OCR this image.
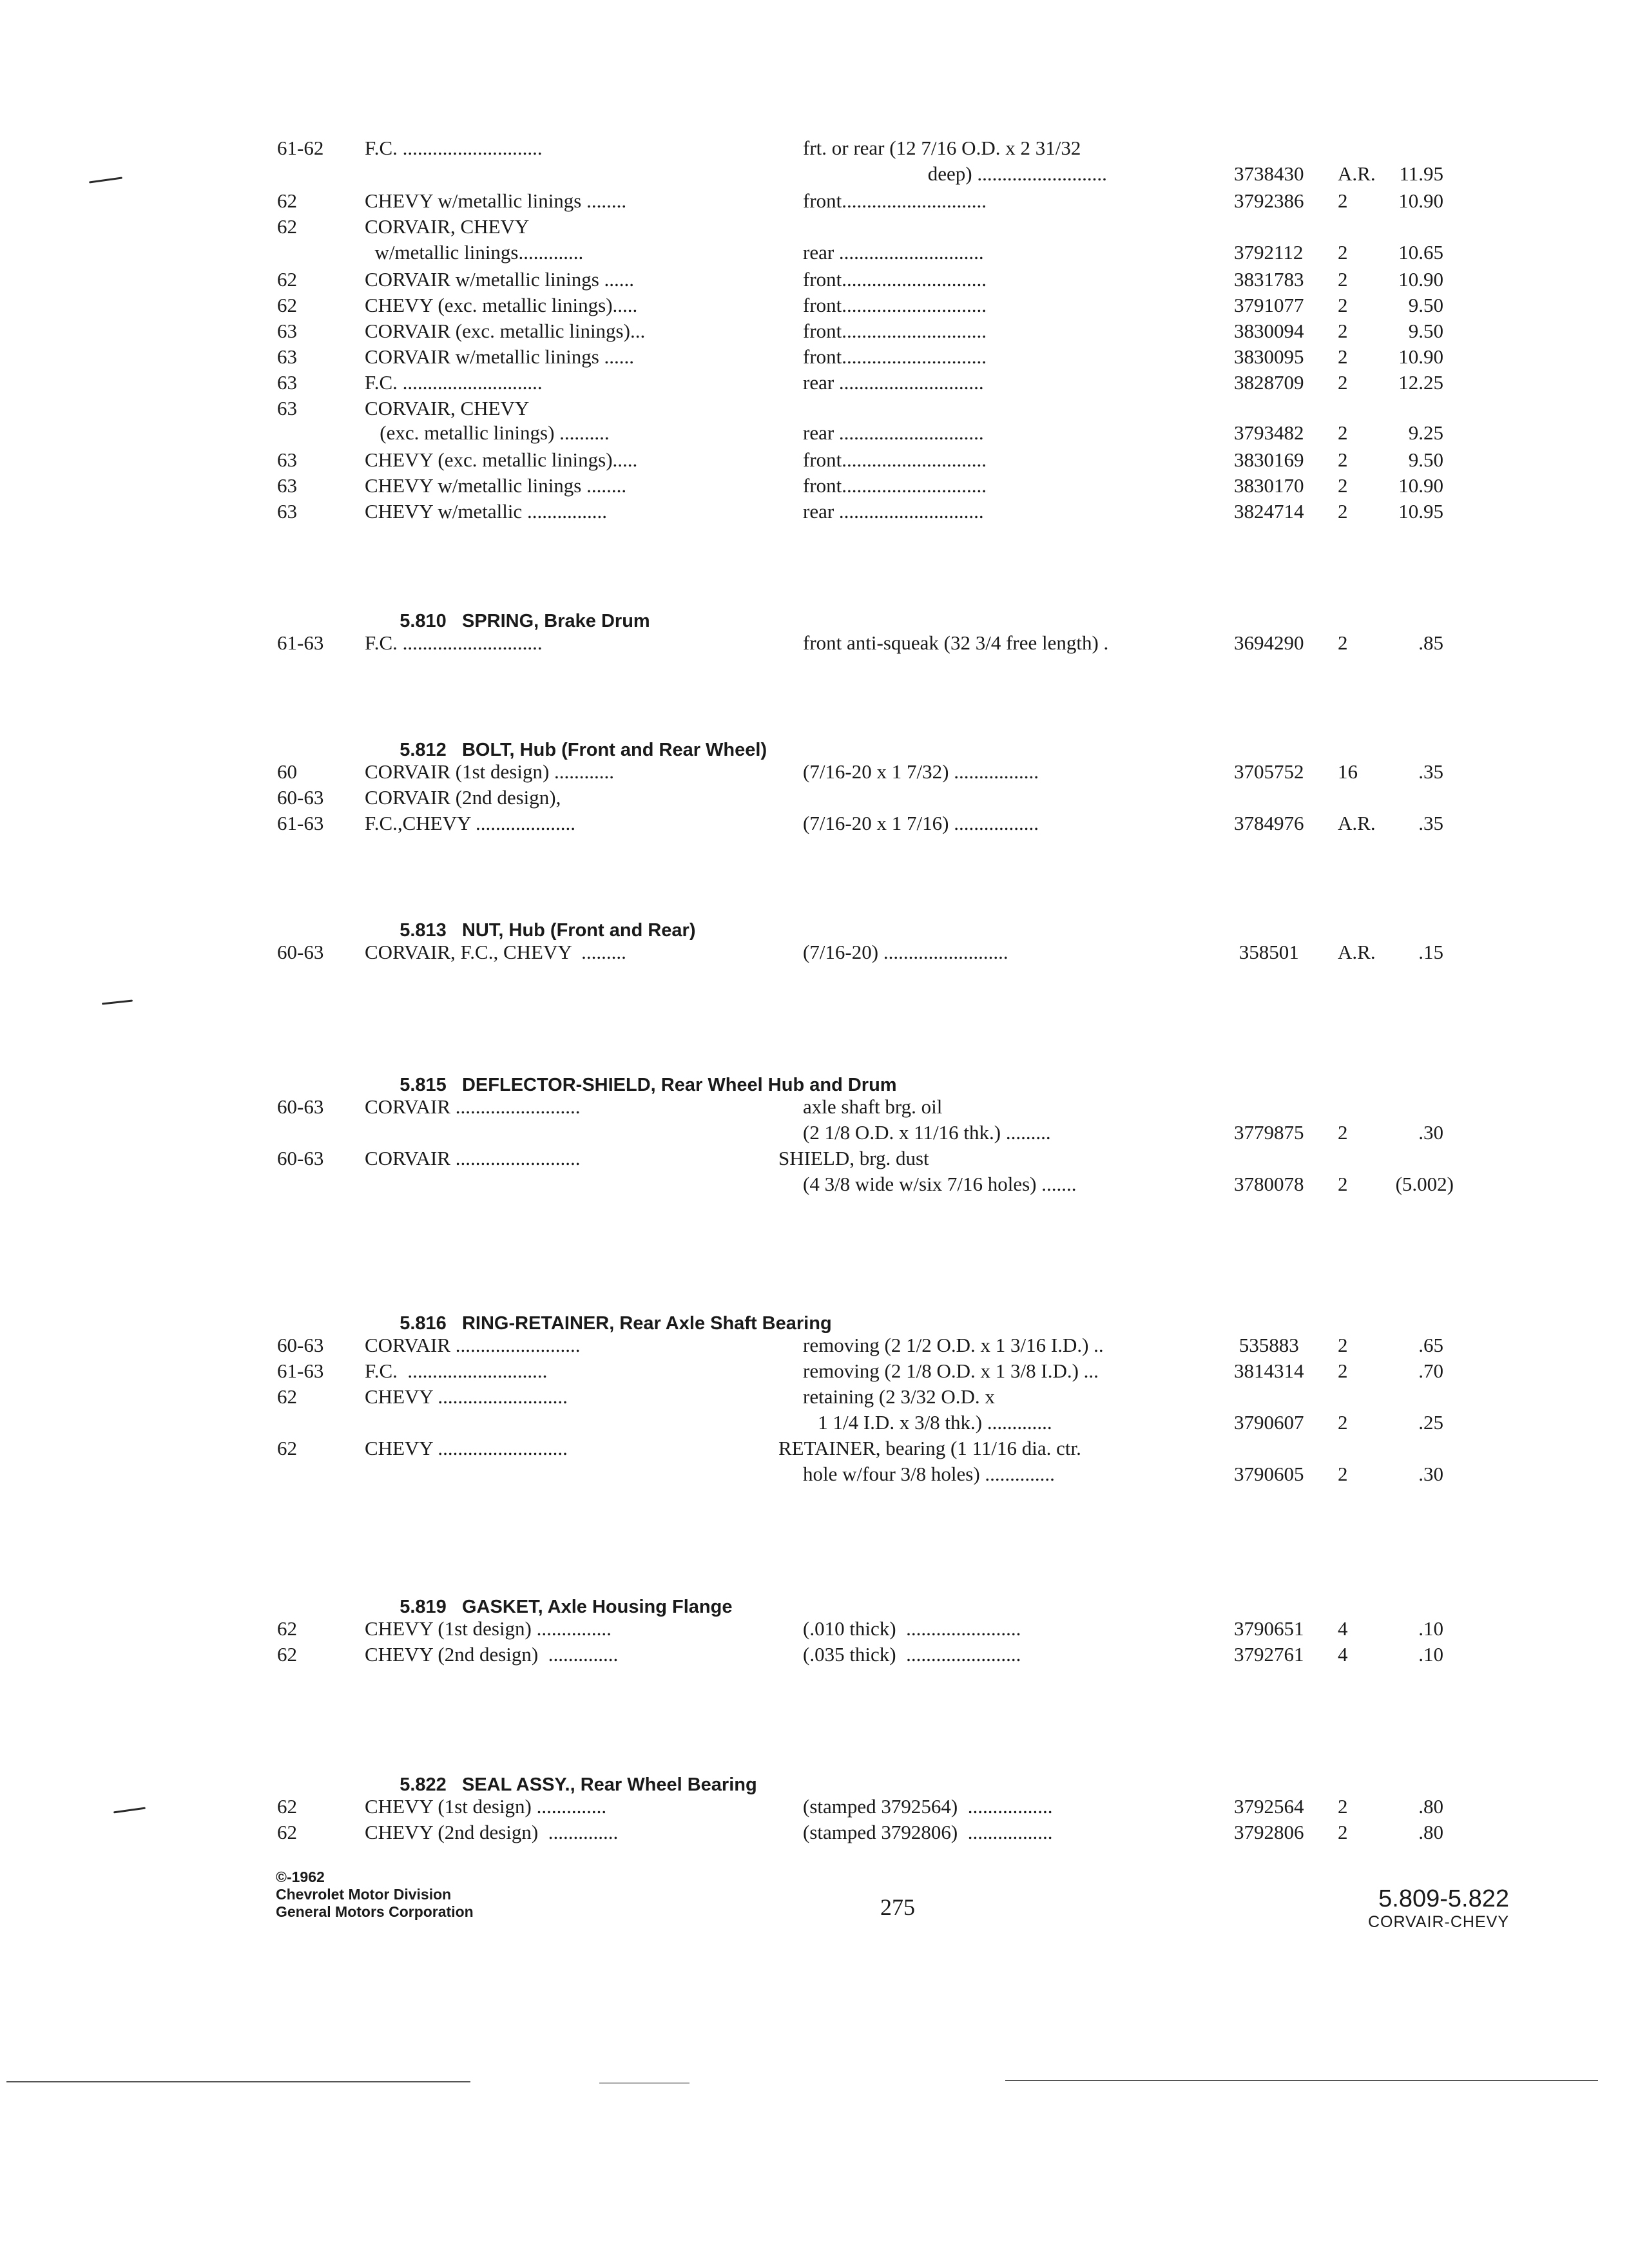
61-62 F.C. ............................	frt. or rear (12 7/16 O.D. x 2 31/32
deep) ..........................	3738430 A.R. 11.95
62	CHEVY w/metallic linings ........	front.............................	3792386 2	10.90
62	CORVAIR, CHEVY
w/metallic linings.............	rear .............................	3792112 2	10.65
62	CORVAIR w/metallic linings ......	front.............................	3831783 2	10.90
62	CHEVY (exc. metallic linings).....	front.............................	3791077 2	9.50
63	CORVAIR (exc. metallic linings)...	front.............................	3830094 2	9.50
63	CORVAIR w/metallic linings ......	front.............................	3830095 2	10.90
63	F.C. ............................	rear .............................	3828709 2	12.25
63	CORVAIR, CHEVY
(exc. metallic linings) ..........	rear .............................	3793482 2	9.25
63	CHEVY (exc. metallic linings).....	front.............................	3830169 2	9.50
63	CHEVY w/metallic linings ........	front.............................	3830170 2	10.90
63	CHEVY w/metallic ................	rear .............................	3824714 2	10.95

5.810 SPRING, Brake Drum

61-63 F.C. ............................	front anti-squeak (32 3/4 free length) .	3694290 2	.85

5.812 BOLT, Hub (Front and Rear Wheel)

60	CORVAIR (1st design) ............	(7/16-20 x 1 7/32) .................	3705752 16	.35
60-63 CORVAIR (2nd design),
61-63 F.C.,CHEVY ....................	(7/16-20 x 1 7/16) .................	3784976 A.R. .35

5.813 NUT, Hub (Front and Rear)

60-63 CORVAIR, F.C., CHEVY  .........	(7/16-20) .........................	358501 A.R. .15

5.815 DEFLECTOR-SHIELD, Rear Wheel Hub and Drum

60-63 CORVAIR .........................	axle shaft brg. oil
(2 1/8 O.D. x 11/16 thk.) .........	3779875 2	.30
60-63 CORVAIR .........................	SHIELD, brg. dust
(4 3/8 wide w/six 7/16 holes) .......	3780078 2 (5.002)

5.816 RING-RETAINER, Rear Axle Shaft Bearing

60-63 CORVAIR .........................	removing (2 1/2 O.D. x 1 3/16 I.D.) ..	535883 2	.65
61-63 F.C.  ............................	removing (2 1/8 O.D. x 1 3/8 I.D.) ...	3814314 2	.70
62	CHEVY ..........................	retaining (2 3/32 O.D. x
1 1/4 I.D. x 3/8 thk.) .............	3790607 2	.25
62	CHEVY ..........................	RETAINER, bearing (1 11/16 dia. ctr.
hole w/four 3/8 holes) ..............	3790605 2	.30

5.819 GASKET, Axle Housing Flange

62	CHEVY (1st design) ...............	(.010 thick)  .......................	3790651 4	.10
62	CHEVY (2nd design)  ..............	(.035 thick)  .......................	3792761 4	.10

5.822 SEAL ASSY., Rear Wheel Bearing

62	CHEVY (1st design) ..............	(stamped 3792564)  .................	3792564 2	.80
62	CHEVY (2nd design)  ..............	(stamped 3792806)  .................	3792806 2	.80
©-1962
Chevrolet Motor Division
General Motors Corporation	275	5.809-5.822
CORVAIR-CHEVY
